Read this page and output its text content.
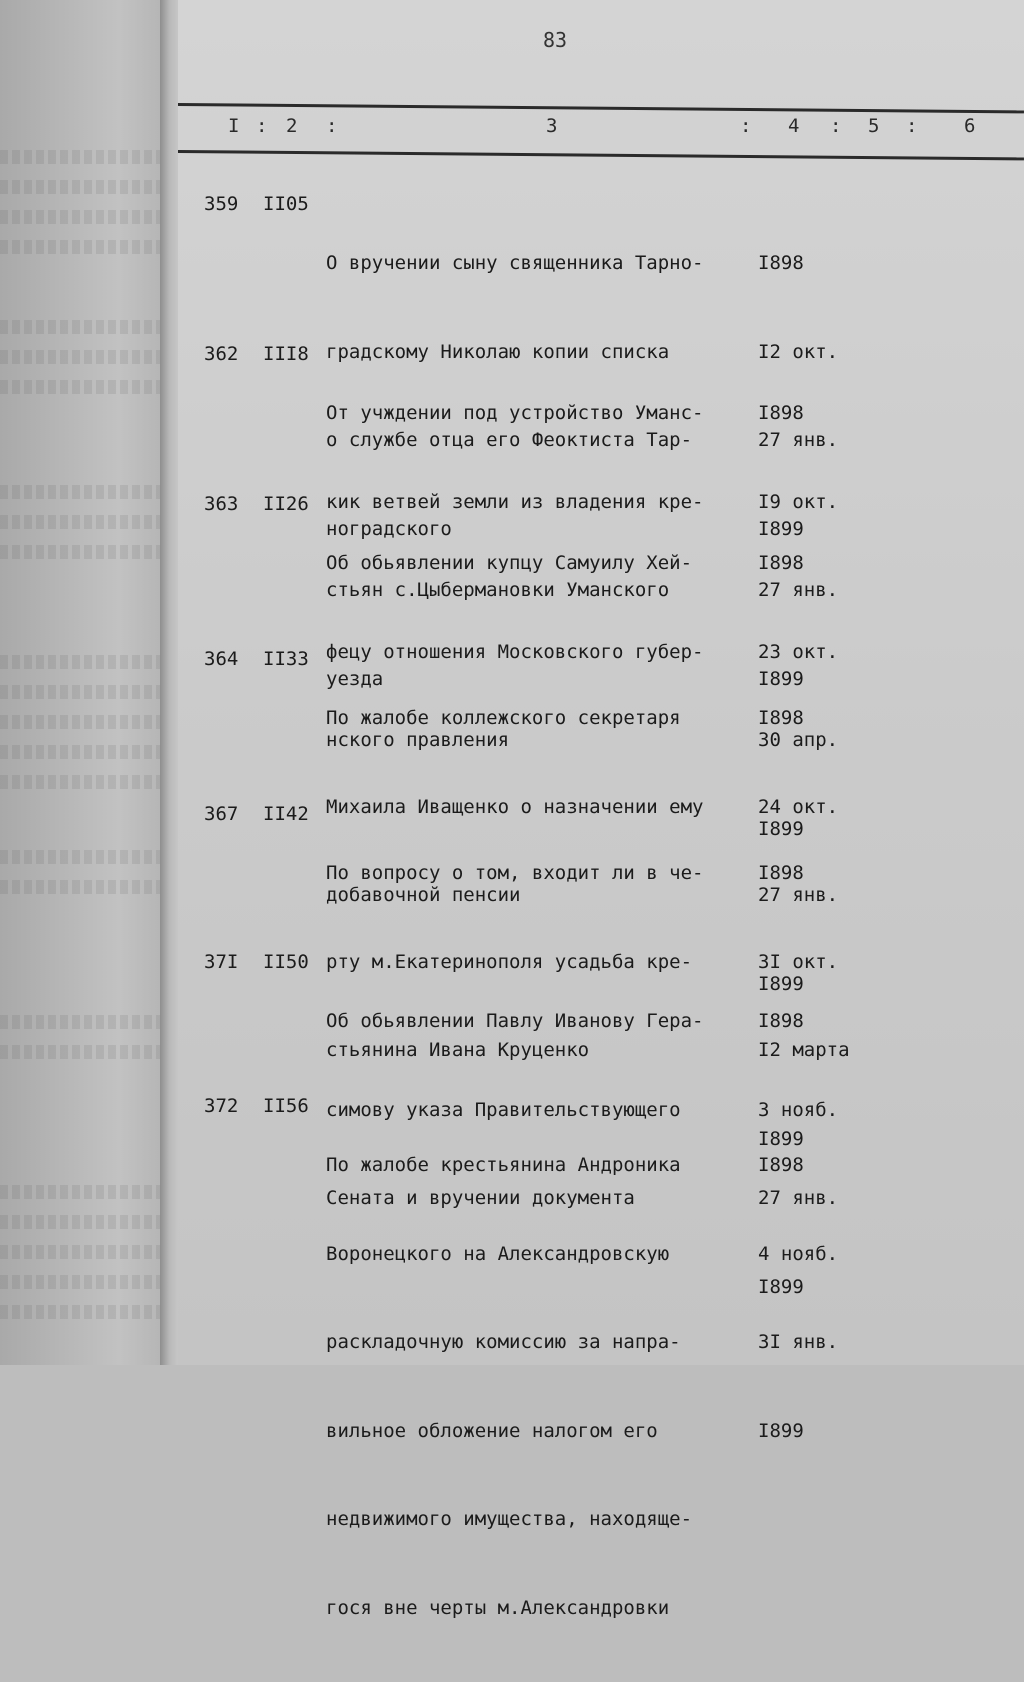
83
I : 2 :	3	: 4 : 5 : 6
359 II05

О вручении сыну священника Тарно-

градскому Николаю копии списка

о службе отца его Феоктиста Тар-

ноградского

I898

I2 окт.

27 янв.

I899

362 III8

От учждении под устройство Уманс-

кик ветвей земли из владения кре-

стьян с.Цыбермановки Уманского

уезда

I898

I9 окт.

27 янв.

I899

363 II26

Об обьявлении купцу Самуилу Хей-

фецу отношения Московского губер-

нского правления

I898

23 окт.

30 апр.

I899

364 II33

По жалобе коллежского секретаря

Михаила Иващенко о назначении ему

добавочной пенсии

I898

24 окт.

27 янв.

I899

367 II42

По вопросу о том, входит ли в че-

рту м.Екатеринополя усадьба кре-

стьянина Ивана Круценко

I898

3I окт.

I2 марта

I899

37I II50

Об обьявлении Павлу Иванову Гера-

симову указа Правительствующего

Сената и вручении документа

I898

3 нояб.

27 янв.

I899

372 II56

По жалобе крестьянина Андроника

Воронецкого на Александровскую

раскладочную комиссию за напра-

вильное обложение налогом его

недвижимого имущества, находяще-

гося вне черты м.Александровки

I898

4 нояб.

3I янв.

I899
